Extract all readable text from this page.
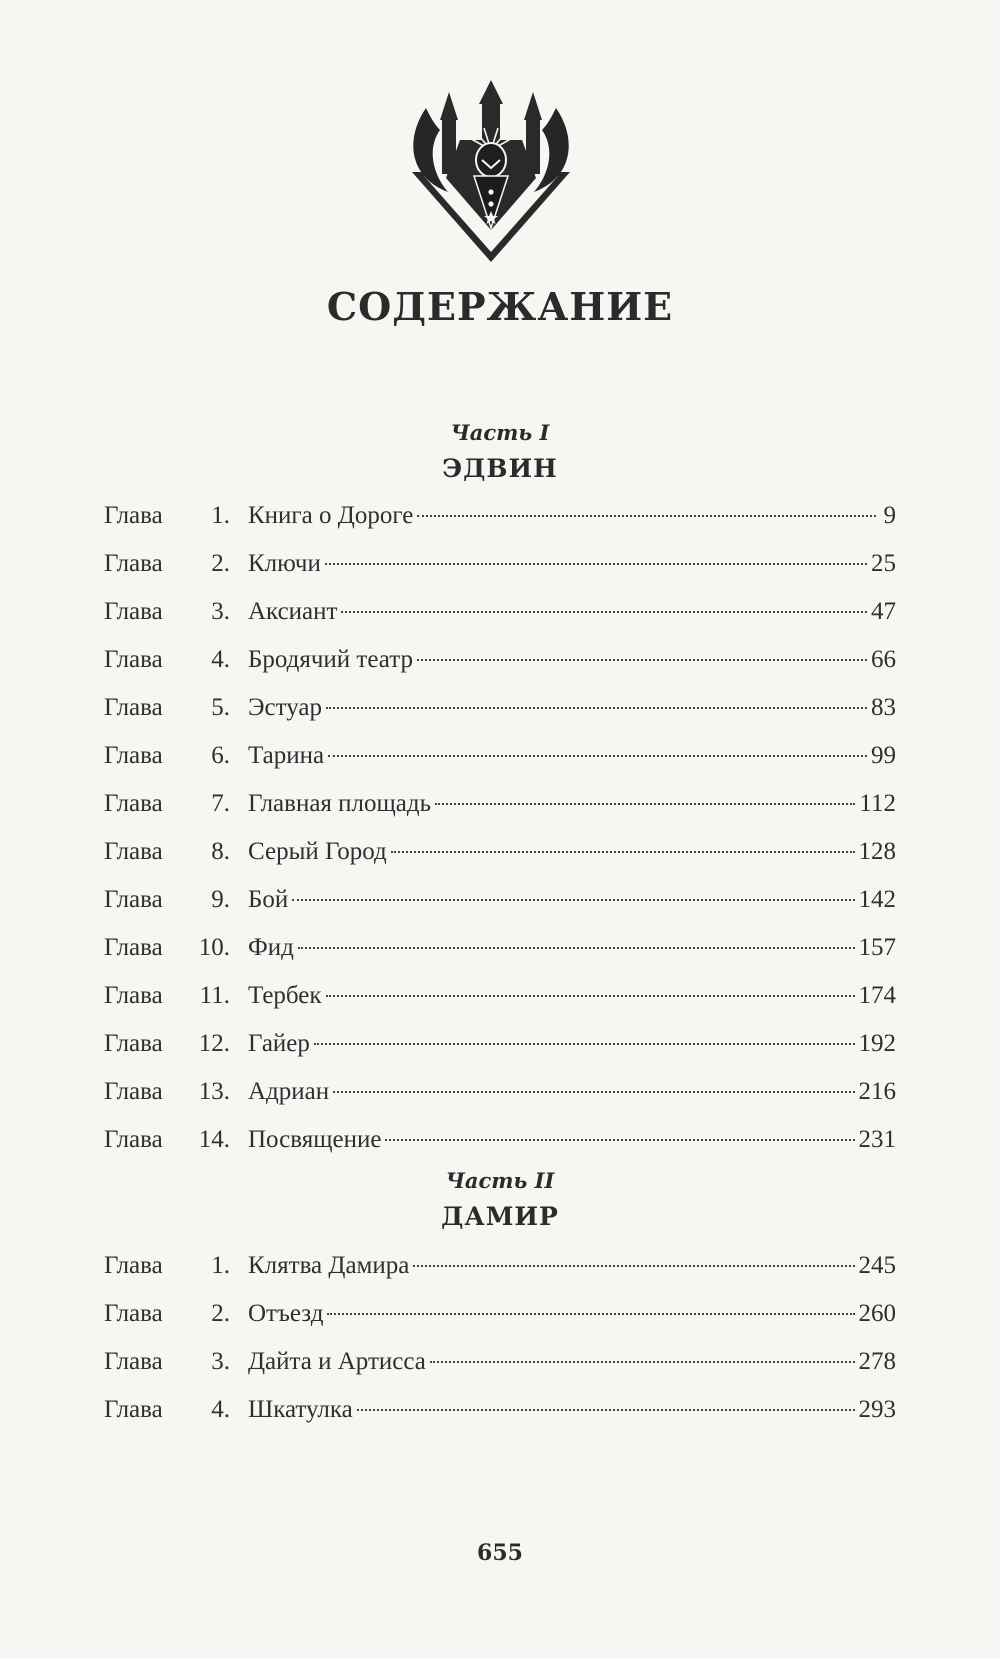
СОДЕРЖАНИЕ
Часть I
ЭДВИН
Глава	1. Книга о Дороге	9
Глава	2. Ключи	25
Глава	3. Аксиант	47
Глава	4. Бродячий театр	66
Глава	5. Эстуар	83
Глава	6. Тарина	99
Глава	7. Главная площадь	112
Глава	8. Серый Город	128
Глава	9. Бой	142
Глава	10. Фид	157
Глава	11. Тербек	174
Глава	12. Гайер	192
Глава	13. Адриан	216
Глава	14. Посвящение	231
Часть II
ДАМИР
Глава	1. Клятва Дамира	245
Глава	2. Отъезд	260
Глава	3. Дайта и Артисса	278
Глава	4. Шкатулка	293
655
